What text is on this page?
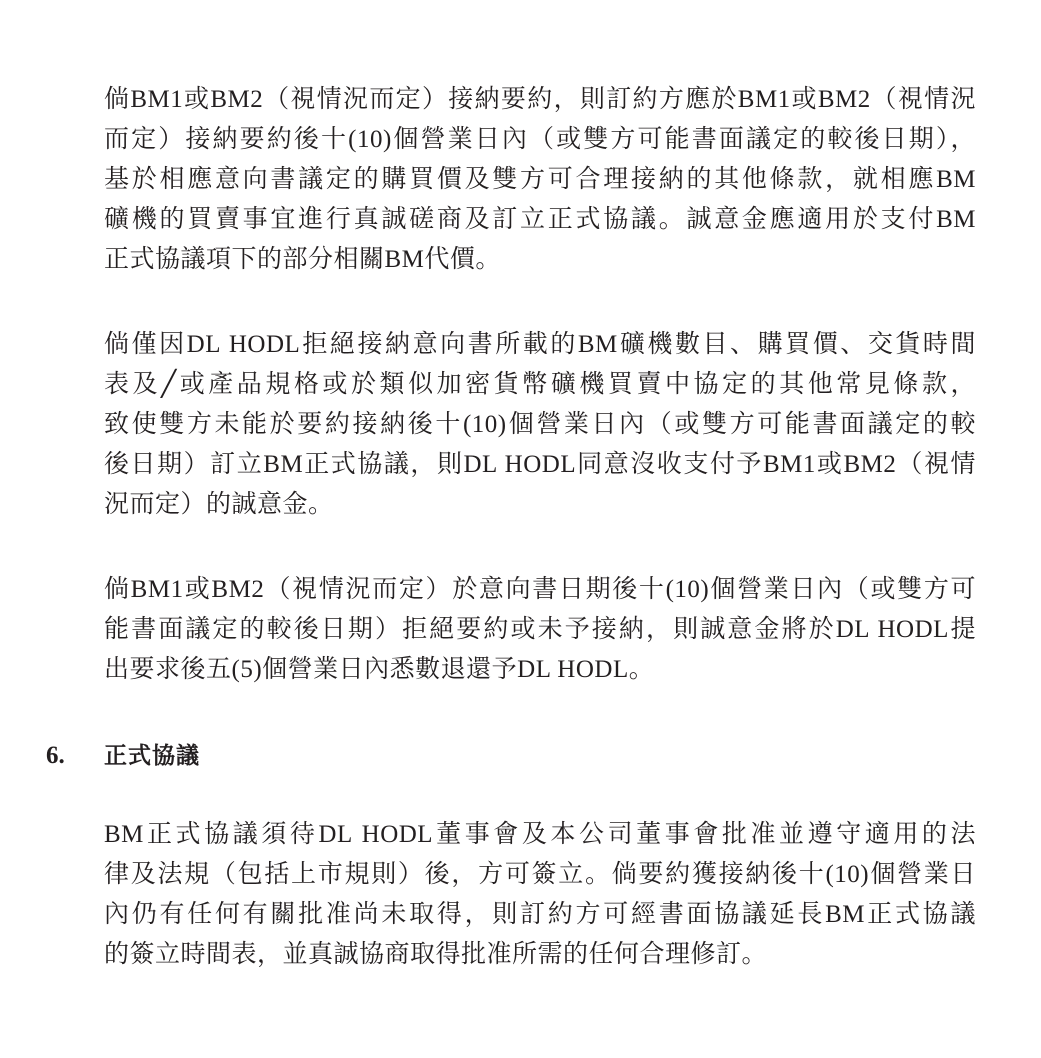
倘BM1或BM2（視情況而定）接納要約，則訂約方應於BM1或BM2（視情況
而定）接納要約後十(10)個營業日內（或雙方可能書面議定的較後日期），
基於相應意向書議定的購買價及雙方可合理接納的其他條款，就相應BM
礦機的買賣事宜進行真誠磋商及訂立正式協議。誠意金應適用於支付BM
正式協議項下的部分相關BM代價。
倘僅因DL HODL拒絕接納意向書所載的BM礦機數目、購買價、交貨時間
表及╱或產品規格或於類似加密貨幣礦機買賣中協定的其他常見條款，
致使雙方未能於要約接納後十(10)個營業日內（或雙方可能書面議定的較
後日期）訂立BM正式協議，則DL HODL同意沒收支付予BM1或BM2（視情
況而定）的誠意金。
倘BM1或BM2（視情況而定）於意向書日期後十(10)個營業日內（或雙方可
能書面議定的較後日期）拒絕要約或未予接納，則誠意金將於DL HODL提
出要求後五(5)個營業日內悉數退還予DL HODL。
6. 正式協議
BM正式協議須待DL HODL董事會及本公司董事會批准並遵守適用的法
律及法規（包括上市規則）後，方可簽立。倘要約獲接納後十(10)個營業日
內仍有任何有關批准尚未取得，則訂約方可經書面協議延長BM正式協議
的簽立時間表，並真誠協商取得批准所需的任何合理修訂。
